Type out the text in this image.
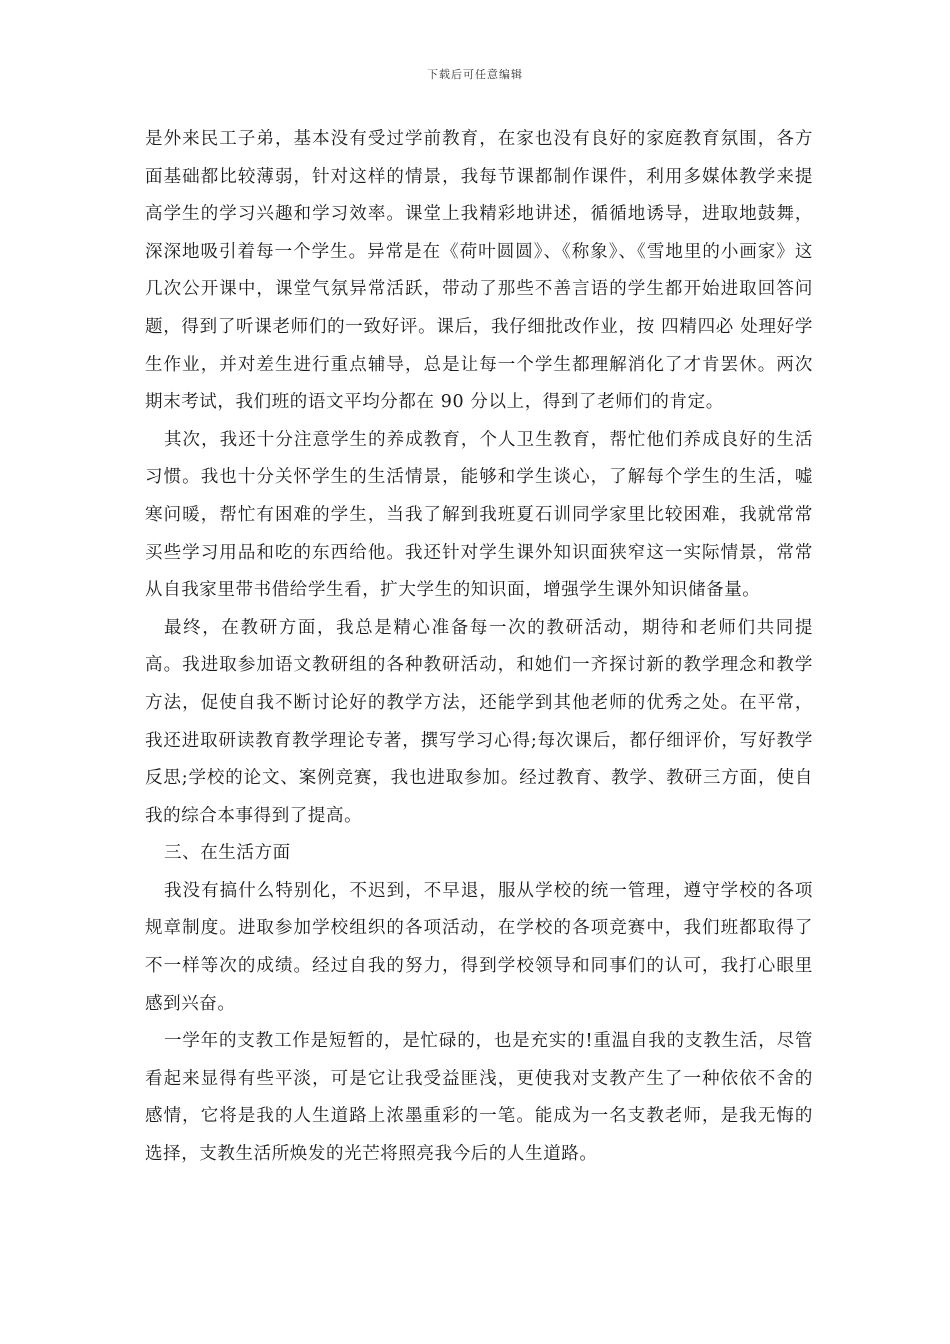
下载后可任意编辑

是外来民工子弟，基本没有受过学前教育，在家也没有良好的家庭教育氛围，各方面基础都比较薄弱，针对这样的情景，我每节课都制作课件，利用多媒体教学来提高学生的学习兴趣和学习效率。课堂上我精彩地讲述，循循地诱导，进取地鼓舞，深深地吸引着每一个学生。异常是在《荷叶圆圆》、《称象》、《雪地里的小画家》这几次公开课中，课堂气氛异常活跃，带动了那些不善言语的学生都开始进取回答问题，得到了听课老师们的一致好评。课后，我仔细批改作业，按 四精四必 处理好学生作业，并对差生进行重点辅导，总是让每一个学生都理解消化了才肯罢休。两次期末考试，我们班的语文平均分都在 90 分以上，得到了老师们的肯定。

其次，我还十分注意学生的养成教育，个人卫生教育，帮忙他们养成良好的生活习惯。我也十分关怀学生的生活情景，能够和学生谈心，了解每个学生的生活，嘘寒问暖，帮忙有困难的学生，当我了解到我班夏石训同学家里比较困难，我就常常买些学习用品和吃的东西给他。我还针对学生课外知识面狭窄这一实际情景，常常从自我家里带书借给学生看，扩大学生的知识面，增强学生课外知识储备量。

最终，在教研方面，我总是精心准备每一次的教研活动，期待和老师们共同提高。我进取参加语文教研组的各种教研活动，和她们一齐探讨新的教学理念和教学方法，促使自我不断讨论好的教学方法，还能学到其他老师的优秀之处。在平常，我还进取研读教育教学理论专著，撰写学习心得;每次课后，都仔细评价，写好教学反思;学校的论文、案例竞赛，我也进取参加。经过教育、教学、教研三方面，使自我的综合本事得到了提高。

三、在生活方面

我没有搞什么特别化，不迟到，不早退，服从学校的统一管理，遵守学校的各项规章制度。进取参加学校组织的各项活动，在学校的各项竞赛中，我们班都取得了不一样等次的成绩。经过自我的努力，得到学校领导和同事们的认可，我打心眼里感到兴奋。

一学年的支教工作是短暂的，是忙碌的，也是充实的!重温自我的支教生活，尽管看起来显得有些平淡，可是它让我受益匪浅，更使我对支教产生了一种依依不舍的感情，它将是我的人生道路上浓墨重彩的一笔。能成为一名支教老师，是我无悔的选择，支教生活所焕发的光芒将照亮我今后的人生道路。
